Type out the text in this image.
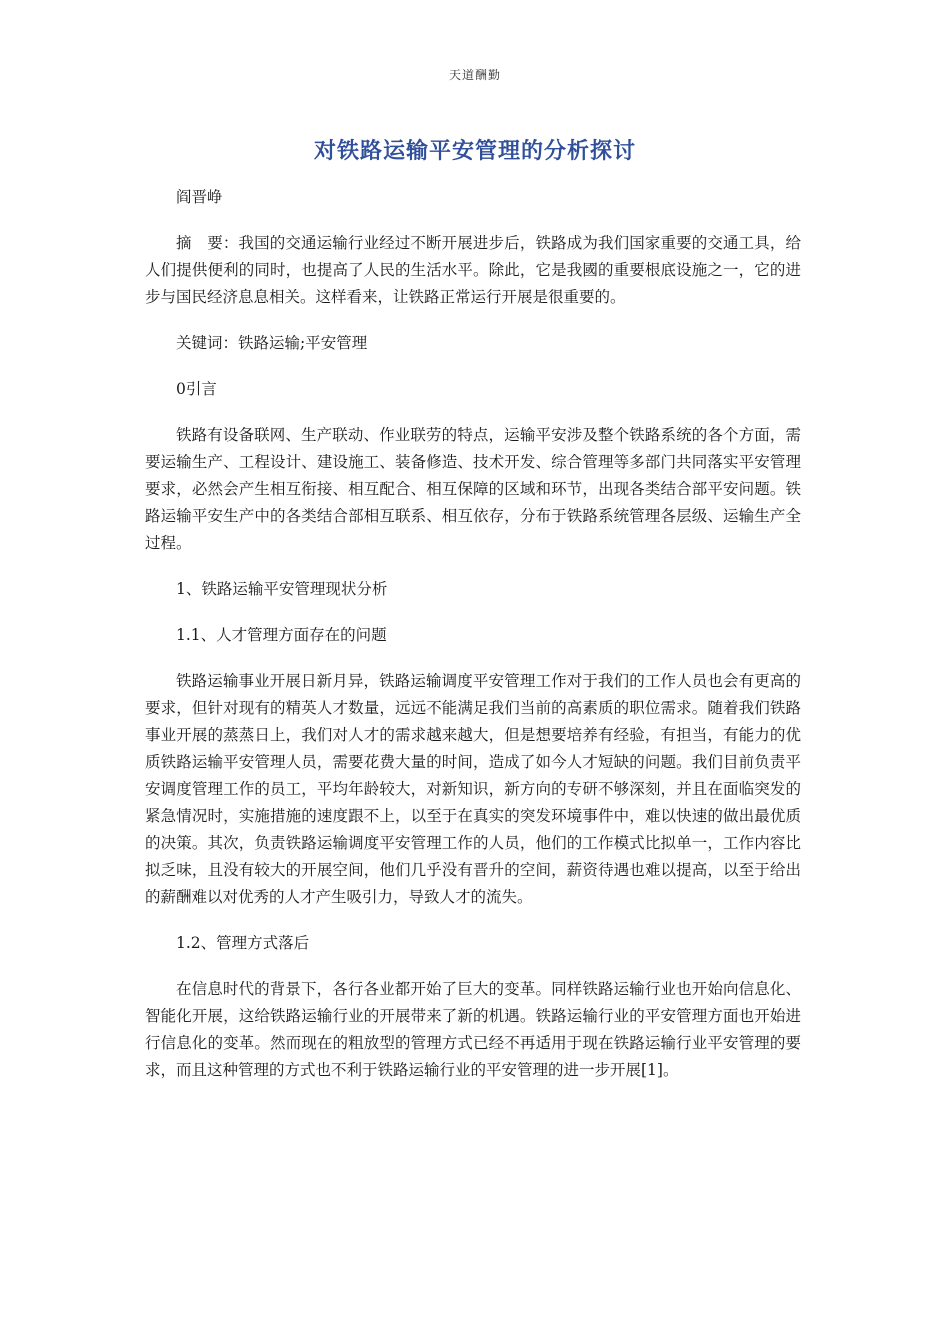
天道酬勤
对铁路运输平安管理的分析探讨

阎晋峥

摘　要：我国的交通运输行业经过不断开展进步后，铁路成为我们国家重要的交通工具，给人们提供便利的同时，也提高了人民的生活水平。除此，它是我國的重要根底设施之一，它的进步与国民经济息息相关。这样看来，让铁路正常运行开展是很重要的。

关键词：铁路运输;平安管理

0引言

铁路有设备联网、生产联动、作业联劳的特点，运输平安涉及整个铁路系统的各个方面，需要运输生产、工程设计、建设施工、装备修造、技术开发、综合管理等多部门共同落实平安管理要求，必然会产生相互衔接、相互配合、相互保障的区域和环节，出现各类结合部平安问题。铁路运输平安生产中的各类结合部相互联系、相互依存，分布于铁路系统管理各层级、运输生产全过程。

1、铁路运输平安管理现状分析

1.1、人才管理方面存在的问题

铁路运输事业开展日新月异，铁路运输调度平安管理工作对于我们的工作人员也会有更高的要求，但针对现有的精英人才数量，远远不能满足我们当前的高素质的职位需求。随着我们铁路事业开展的蒸蒸日上，我们对人才的需求越来越大，但是想要培养有经验，有担当，有能力的优质铁路运输平安管理人员，需要花费大量的时间，造成了如今人才短缺的问题。我们目前负责平安调度管理工作的员工，平均年龄较大，对新知识，新方向的专研不够深刻，并且在面临突发的紧急情况时，实施措施的速度跟不上，以至于在真实的突发环境事件中，难以快速的做出最优质的决策。其次，负责铁路运输调度平安管理工作的人员，他们的工作模式比拟单一，工作内容比拟乏味，且没有较大的开展空间，他们几乎没有晋升的空间，薪资待遇也难以提高，以至于给出的薪酬难以对优秀的人才产生吸引力，导致人才的流失。

1.2、管理方式落后

在信息时代的背景下，各行各业都开始了巨大的变革。同样铁路运输行业也开始向信息化、智能化开展，这给铁路运输行业的开展带来了新的机遇。铁路运输行业的平安管理方面也开始进行信息化的变革。然而现在的粗放型的管理方式已经不再适用于现在铁路运输行业平安管理的要求，而且这种管理的方式也不利于铁路运输行业的平安管理的进一步开展[1]。
